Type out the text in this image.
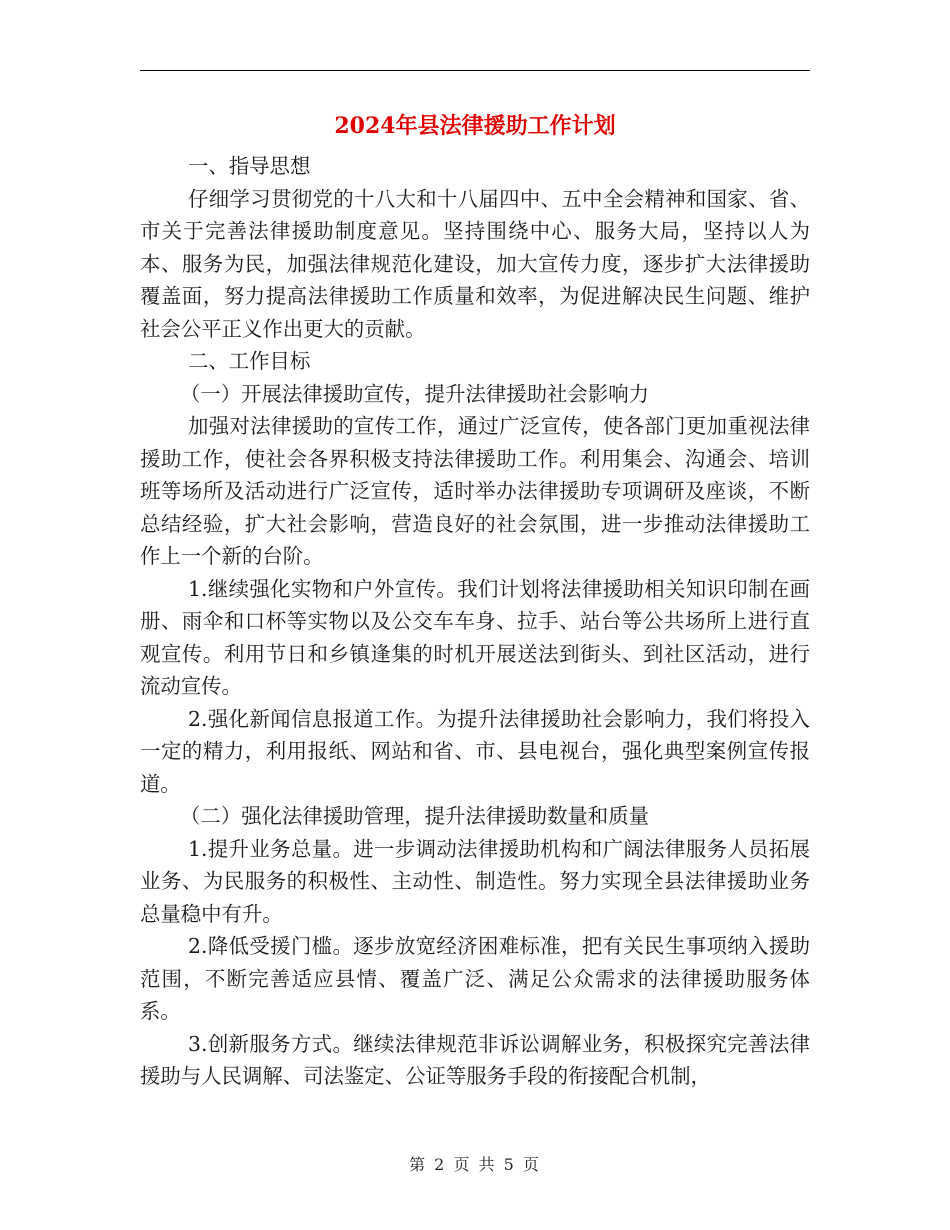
2024年县法律援助工作计划

一、指导思想

仔细学习贯彻党的十八大和十八届四中、五中全会精神和国家、省、市关于完善法律援助制度意见。坚持围绕中心、服务大局，坚持以人为本、服务为民，加强法律规范化建设，加大宣传力度，逐步扩大法律援助覆盖面，努力提高法律援助工作质量和效率，为促进解决民生问题、维护社会公平正义作出更大的贡献。

二、工作目标

（一）开展法律援助宣传，提升法律援助社会影响力

加强对法律援助的宣传工作，通过广泛宣传，使各部门更加重视法律援助工作，使社会各界积极支持法律援助工作。利用集会、沟通会、培训班等场所及活动进行广泛宣传，适时举办法律援助专项调研及座谈，不断总结经验，扩大社会影响，营造良好的社会氛围，进一步推动法律援助工作上一个新的台阶。

1.继续强化实物和户外宣传。我们计划将法律援助相关知识印制在画册、雨伞和口杯等实物以及公交车车身、拉手、站台等公共场所上进行直观宣传。利用节日和乡镇逢集的时机开展送法到街头、到社区活动，进行流动宣传。

2.强化新闻信息报道工作。为提升法律援助社会影响力，我们将投入一定的精力，利用报纸、网站和省、市、县电视台，强化典型案例宣传报道。

（二）强化法律援助管理，提升法律援助数量和质量

1.提升业务总量。进一步调动法律援助机构和广阔法律服务人员拓展业务、为民服务的积极性、主动性、制造性。努力实现全县法律援助业务总量稳中有升。

2.降低受援门槛。逐步放宽经济困难标准，把有关民生事项纳入援助范围，不断完善适应县情、覆盖广泛、满足公众需求的法律援助服务体系。

3.创新服务方式。继续法律规范非诉讼调解业务，积极探究完善法律援助与人民调解、司法鉴定、公证等服务手段的衔接配合机制，

第 2 页 共 5 页
